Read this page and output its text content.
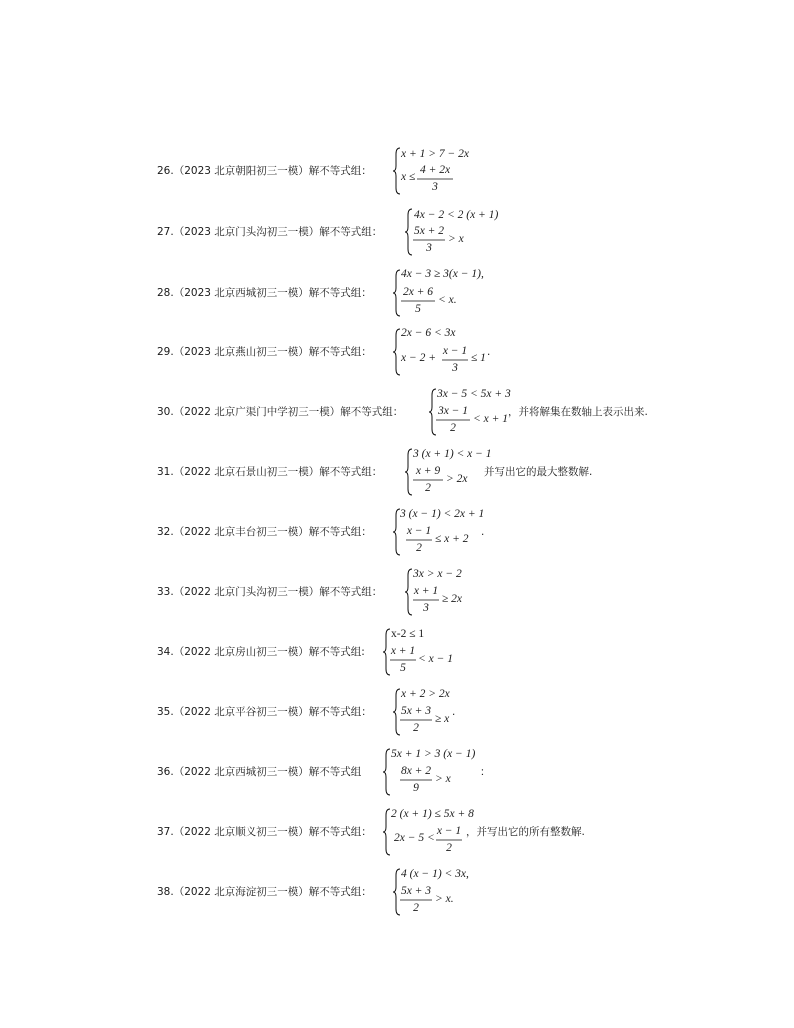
26.（2023 北京朝阳初三一模）解不等式组：
x + 1 > 7 − 2x
x ≤
4 + 2x
3
27.（2023 北京门头沟初三一模）解不等式组：
4x − 2 < 2 (x + 1)
5x + 2
3
> x
28.（2023 北京西城初三一模）解不等式组：
4x − 3 ≥ 3(x − 1),
2x + 6
5
< x.
29.（2023 北京燕山初三一模）解不等式组：
2x − 6 < 3x
x − 2 +
x − 1
3
≤ 1 .
30.（2022 北京广渠门中学初三一模）解不等式组：
3x − 5 < 5x + 3
3x − 1
2
< x + 1
，并将解集在数轴上表示出来.
31.（2022 北京石景山初三一模）解不等式组：
3 (x + 1) < x − 1
x + 9
2
> 2x
并写出它的最大整数解.
32.（2022 北京丰台初三一模）解不等式组：
3 (x − 1) < 2x + 1
x − 1
2
≤ x + 2
.
33.（2022 北京门头沟初三一模）解不等式组：
3x > x − 2
x + 1
3
≥ 2x
34.（2022 北京房山初三一模）解不等式组:
x-2 ≤ 1
x + 1
5
< x − 1
35.（2022 北京平谷初三一模）解不等式组：
x + 2 > 2x
5x + 3
2
≥ x
.
36.（2022 北京西城初三一模）解不等式组
5x + 1 > 3 (x − 1)
8x + 2
9
> x
：
37.（2022 北京顺义初三一模）解不等式组：
2 (x + 1) ≤ 5x + 8
2x − 5 <
x − 1
2
，并写出它的所有整数解.
38.（2022 北京海淀初三一模）解不等式组：
4 (x − 1) < 3x,
5x + 3
2
> x.
